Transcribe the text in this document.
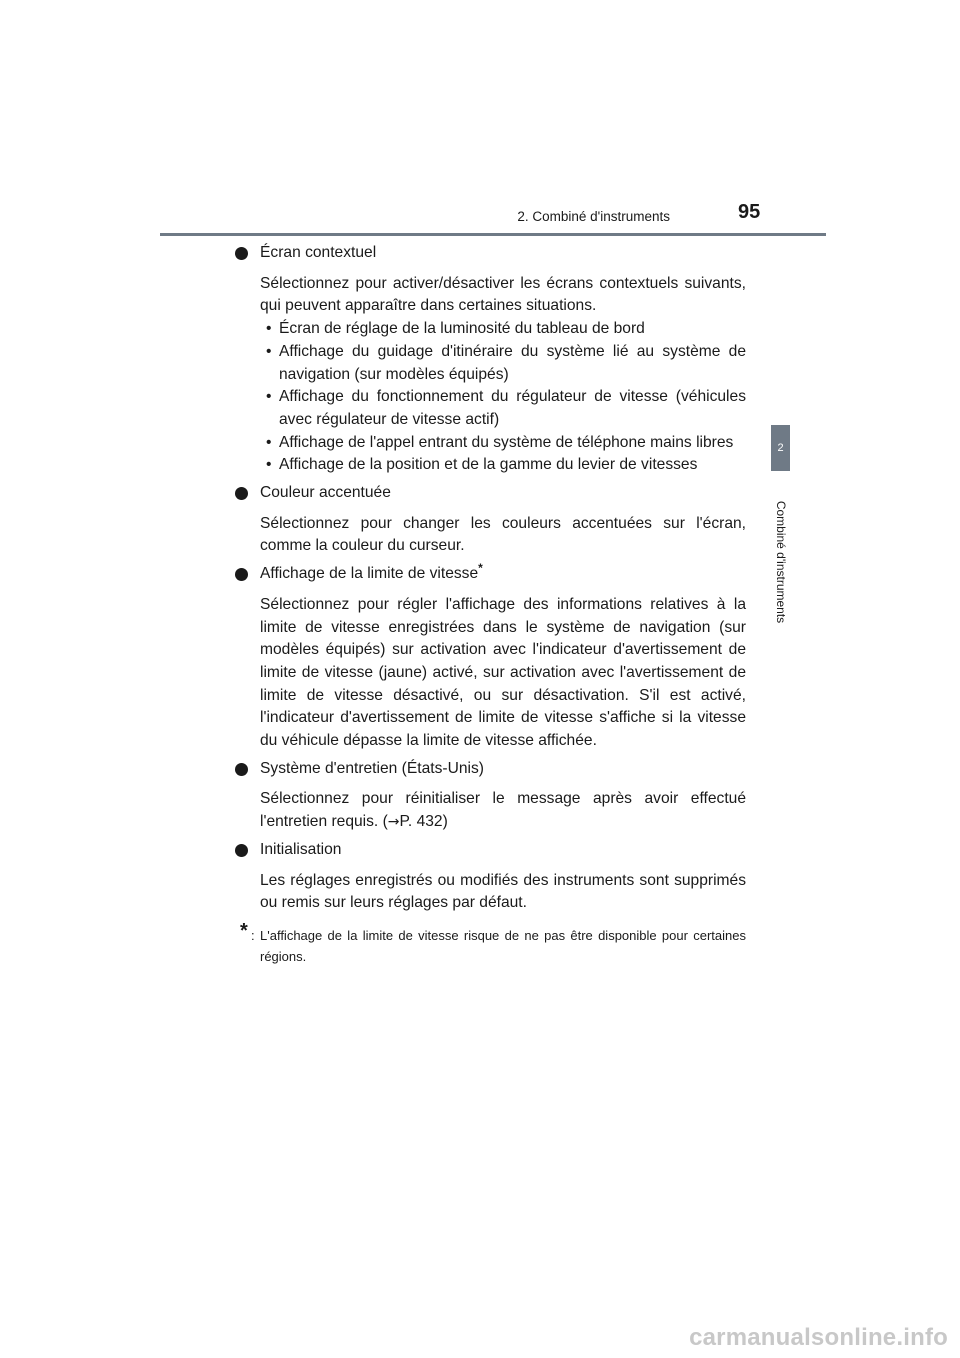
2. Combiné d'instruments	95
2
Combiné d'instruments
Écran contextuel
Sélectionnez pour activer/désactiver les écrans contextuels suivants, qui peuvent apparaître dans certaines situations.
• Écran de réglage de la luminosité du tableau de bord
• Affichage du guidage d'itinéraire du système lié au système de navigation (sur modèles équipés)
• Affichage du fonctionnement du régulateur de vitesse (véhicules avec régulateur de vitesse actif)
• Affichage de l'appel entrant du système de téléphone mains libres
• Affichage de la position et de la gamme du levier de vitesses
Couleur accentuée
Sélectionnez pour changer les couleurs accentuées sur l'écran, comme la couleur du curseur.
Affichage de la limite de vitesse*
Sélectionnez pour régler l'affichage des informations relatives à la limite de vitesse enregistrées dans le système de navigation (sur modèles équipés) sur activation avec l'indicateur d'avertissement de limite de vitesse (jaune) activé, sur activation avec l'avertissement de limite de vitesse désactivé, ou sur désactivation. S'il est activé, l'indicateur d'avertissement de limite de vitesse s'affiche si la vitesse du véhicule dépasse la limite de vitesse affichée.
Système d'entretien (États-Unis)
Sélectionnez pour réinitialiser le message après avoir effectué l'entretien requis. (→P. 432)
Initialisation
Les réglages enregistrés ou modifiés des instruments sont supprimés ou remis sur leurs réglages par défaut.
* : L'affichage de la limite de vitesse risque de ne pas être disponible pour certaines régions.
carmanualsonline.info
